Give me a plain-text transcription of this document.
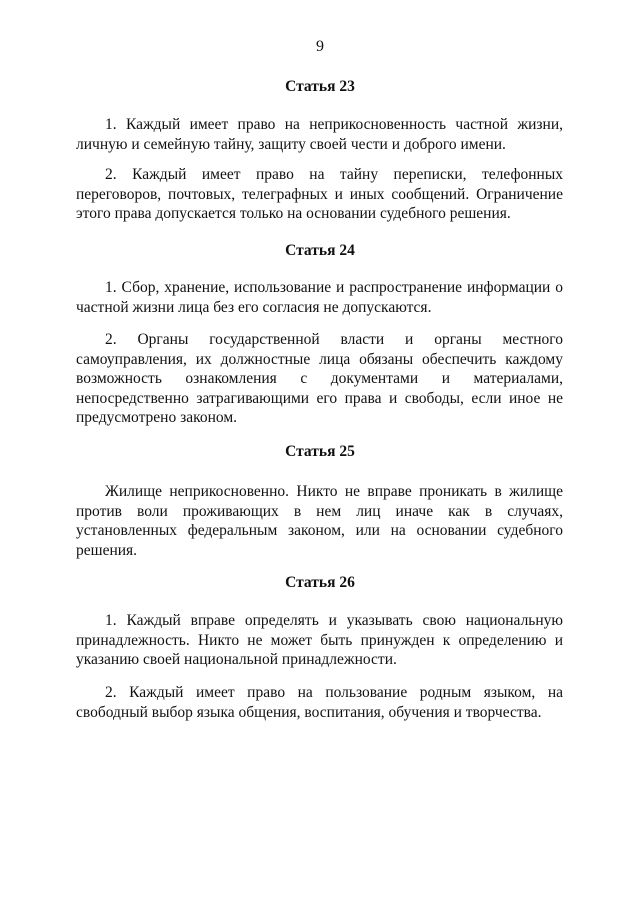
9
Статья 23

1. Каждый имеет право на неприкосновенность частной жизни, личную и семейную тайну, защиту своей чести и доброго имени.

2. Каждый имеет право на тайну переписки, телефонных переговоров, почтовых, телеграфных и иных сообщений. Ограничение этого права допускается только на основании судебного решения.

Статья 24

1. Сбор, хранение, использование и распространение информации о частной жизни лица без его согласия не допускаются.

2. Органы государственной власти и органы местного самоуправления, их должностные лица обязаны обеспечить каждому возможность ознакомления с документами и материалами, непосредственно затрагивающими его права и свободы, если иное не предусмотрено законом.

Статья 25

Жилище неприкосновенно. Никто не вправе проникать в жилище против воли проживающих в нем лиц иначе как в случаях, установленных федеральным законом, или на основании судебного решения.

Статья 26

1. Каждый вправе определять и указывать свою национальную принадлежность. Никто не может быть принужден к определению и указанию своей национальной принадлежности.

2. Каждый имеет право на пользование родным языком, на свободный выбор языка общения, воспитания, обучения и творчества.
